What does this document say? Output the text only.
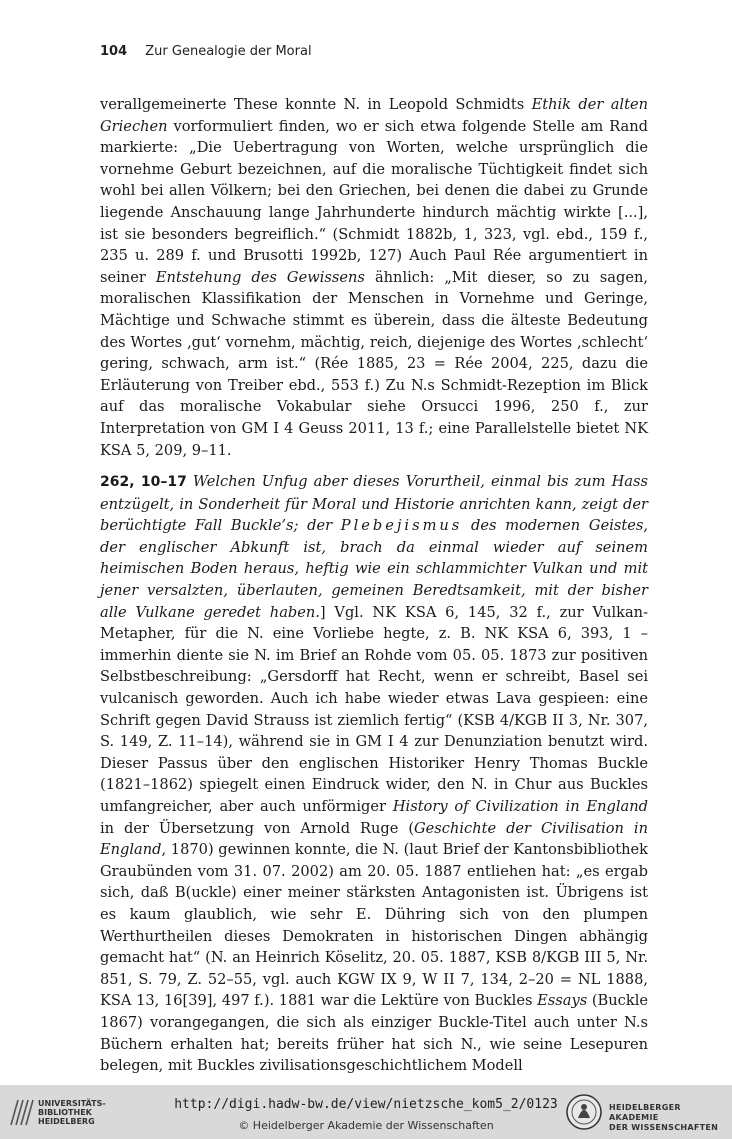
104 Zur Genealogie der Moral

verallgemeinerte These konnte N. in Leopold Schmidts Ethik der alten Griechen vorformuliert finden, wo er sich etwa folgende Stelle am Rand markierte: „Die Uebertragung von Worten, welche ursprünglich die vornehme Geburt bezeichnen, auf die moralische Tüchtigkeit findet sich wohl bei allen Völkern; bei den Griechen, bei denen die dabei zu Grunde liegende Anschauung lange Jahrhunderte hindurch mächtig wirkte [...], ist sie besonders begreiflich.“ (Schmidt 1882b, 1, 323, vgl. ebd., 159 f., 235 u. 289 f. und Brusotti 1992b, 127) Auch Paul Rée argumentiert in seiner Entstehung des Gewissens ähnlich: „Mit dieser, so zu sagen, moralischen Klassifikation der Menschen in Vornehme und Geringe, Mächtige und Schwache stimmt es überein, dass die älteste Bedeutung des Wortes ‚gut‘ vornehm, mächtig, reich, diejenige des Wortes ‚schlecht‘ gering, schwach, arm ist.“ (Rée 1885, 23 = Rée 2004, 225, dazu die Erläuterung von Treiber ebd., 553 f.) Zu N.s Schmidt-Rezeption im Blick auf das moralische Vokabular siehe Orsucci 1996, 250 f., zur Interpretation von GM I 4 Geuss 2011, 13 f.; eine Parallelstelle bietet NK KSA 5, 209, 9–11.

262, 10–17 Welchen Unfug aber dieses Vorurtheil, einmal bis zum Hass entzügelt, in Sonderheit für Moral und Historie anrichten kann, zeigt der berüchtigte Fall Buckle’s; der Plebejismus des modernen Geistes, der englischer Abkunft ist, brach da einmal wieder auf seinem heimischen Boden heraus, heftig wie ein schlammichter Vulkan und mit jener versalzten, überlauten, gemeinen Beredtsamkeit, mit der bisher alle Vulkane geredet haben.] Vgl. NK KSA 6, 145, 32 f., zur Vulkan-Metapher, für die N. eine Vorliebe hegte, z. B. NK KSA 6, 393, 1 – immerhin diente sie N. im Brief an Rohde vom 05. 05. 1873 zur positiven Selbstbeschreibung: „Gersdorff hat Recht, wenn er schreibt, Basel sei vulcanisch geworden. Auch ich habe wieder etwas Lava gespieen: eine Schrift gegen David Strauss ist ziemlich fertig“ (KSB 4/KGB II 3, Nr. 307, S. 149, Z. 11–14), während sie in GM I 4 zur Denunziation benutzt wird. Dieser Passus über den englischen Historiker Henry Thomas Buckle (1821–1862) spiegelt einen Eindruck wider, den N. in Chur aus Buckles umfangreicher, aber auch unförmiger History of Civilization in England in der Übersetzung von Arnold Ruge (Geschichte der Civilisation in England, 1870) gewinnen konnte, die N. (laut Brief der Kantonsbibliothek Graubünden vom 31. 07. 2002) am 20. 05. 1887 entliehen hat: „es ergab sich, daß B(uckle) einer meiner stärksten Antagonisten ist. Übrigens ist es kaum glaublich, wie sehr E. Dühring sich von den plumpen Werthurtheilen dieses Demokraten in historischen Dingen abhängig gemacht hat“ (N. an Heinrich Köselitz, 20. 05. 1887, KSB 8/KGB III 5, Nr. 851, S. 79, Z. 52–55, vgl. auch KGW IX 9, W II 7, 134, 2–20 = NL 1888, KSA 13, 16[39], 497 f.). 1881 war die Lektüre von Buckles Essays (Buckle 1867) vorangegangen, die sich als einziger Buckle-Titel auch unter N.s Büchern erhalten hat; bereits früher hat sich N., wie seine Lesepuren belegen, mit Buckles zivilisationsgeschichtlichem Modell

UNIVERSITÄTS-
BIBLIOTHEK
HEIDELBERG
http://digi.hadw-bw.de/view/nietzsche_kom5_2/0123
© Heidelberger Akademie der Wissenschaften
HEIDELBERGER AKADEMIE
DER WISSENSCHAFTEN
